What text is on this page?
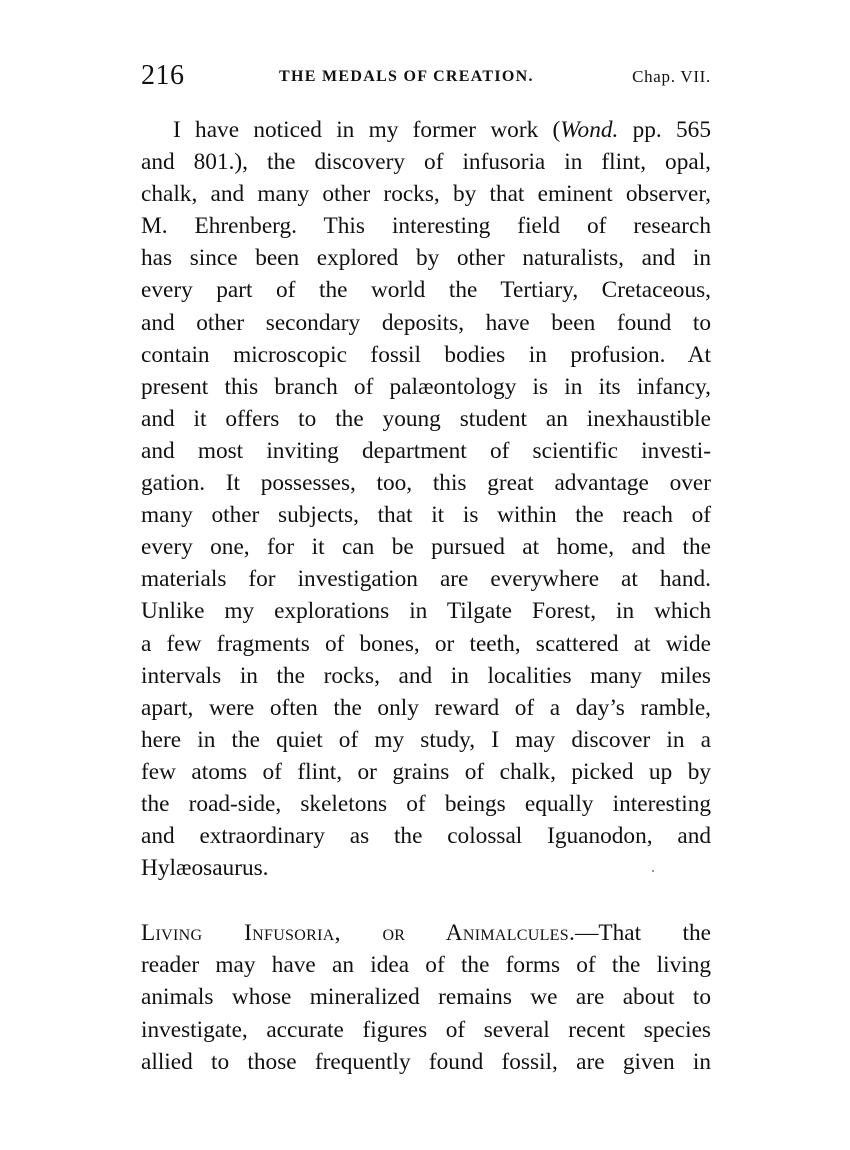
216	THE MEDALS OF CREATION.	Chap. VII.
I have noticed in my former work (Wond. pp. 565
and 801.), the discovery of infusoria in flint, opal,
chalk, and many other rocks, by that eminent observer,
M. Ehrenberg. This interesting field of research
has since been explored by other naturalists, and in
every part of the world the Tertiary, Cretaceous,
and other secondary deposits, have been found to
contain microscopic fossil bodies in profusion. At
present this branch of palæontology is in its infancy,
and it offers to the young student an inexhaustible
and most inviting department of scientific investi-
gation. It possesses, too, this great advantage over
many other subjects, that it is within the reach of
every one, for it can be pursued at home, and the
materials for investigation are everywhere at hand.
Unlike my explorations in Tilgate Forest, in which
a few fragments of bones, or teeth, scattered at wide
intervals in the rocks, and in localities many miles
apart, were often the only reward of a day’s ramble,
here in the quiet of my study, I may discover in a
few atoms of flint, or grains of chalk, picked up by
the road-side, skeletons of beings equally interesting
and extraordinary as the colossal Iguanodon, and
Hylæosaurus.
Living Infusoria, or Animalcules.—That the
reader may have an idea of the forms of the living
animals whose mineralized remains we are about to
investigate, accurate figures of several recent species
allied to those frequently found fossil, are given in
